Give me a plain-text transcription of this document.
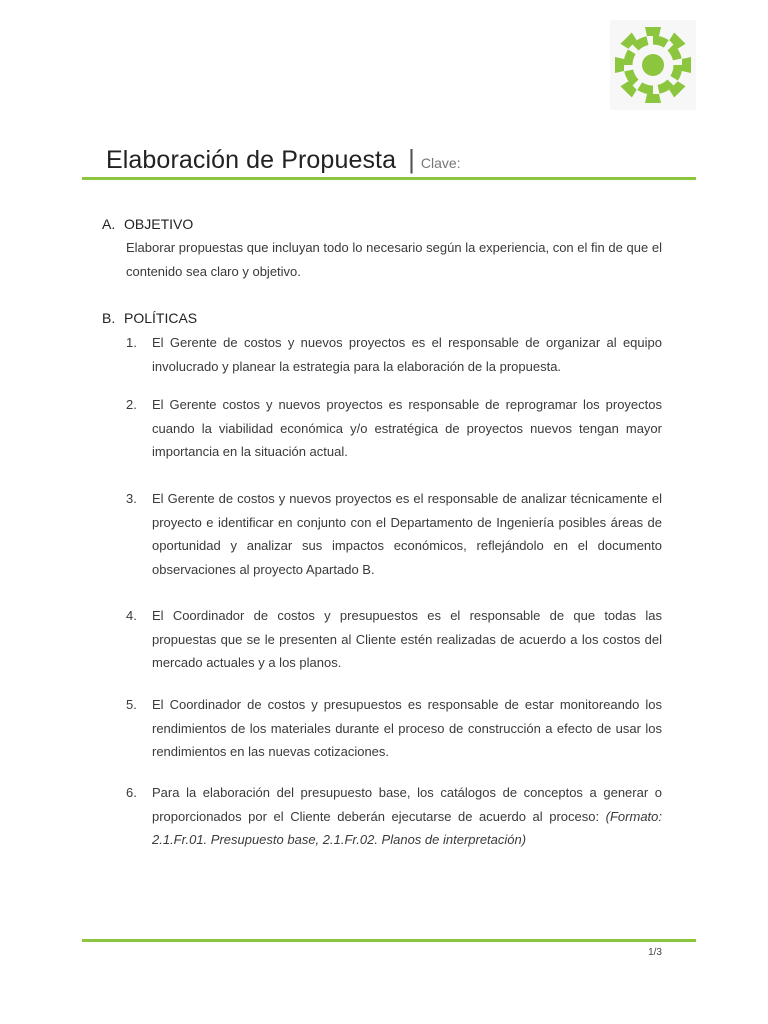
Elaboración de Propuesta | Clave:
A. OBJETIVO
Elaborar propuestas que incluyan todo lo necesario según la experiencia, con el fin de que el contenido sea claro y objetivo.
B. POLÍTICAS
1.	El Gerente de costos y nuevos proyectos es el responsable de organizar al equipo involucrado y planear la estrategia para la elaboración de la propuesta.
2.	El Gerente costos y nuevos proyectos es responsable de reprogramar los proyectos cuando la viabilidad económica y/o estratégica de proyectos nuevos tengan mayor importancia en la situación actual.
3.	El Gerente de costos y nuevos proyectos es el responsable de analizar técnicamente el proyecto e identificar en conjunto con el Departamento de Ingeniería posibles áreas de oportunidad y analizar sus impactos económicos, reflejándolo en el documento observaciones al proyecto Apartado B.
4.	El Coordinador de costos y presupuestos es el responsable de que todas las propuestas que se le presenten al Cliente estén realizadas de acuerdo a los costos del mercado actuales y a los planos.
5.	El Coordinador de costos y presupuestos es responsable de estar monitoreando los rendimientos de los materiales durante el proceso de construcción a efecto de usar los rendimientos en las nuevas cotizaciones.
6.	Para la elaboración del presupuesto base, los catálogos de conceptos a generar o proporcionados por el Cliente deberán ejecutarse de acuerdo al proceso: (Formato: 2.1.Fr.01. Presupuesto base, 2.1.Fr.02. Planos de interpretación)
1/3
